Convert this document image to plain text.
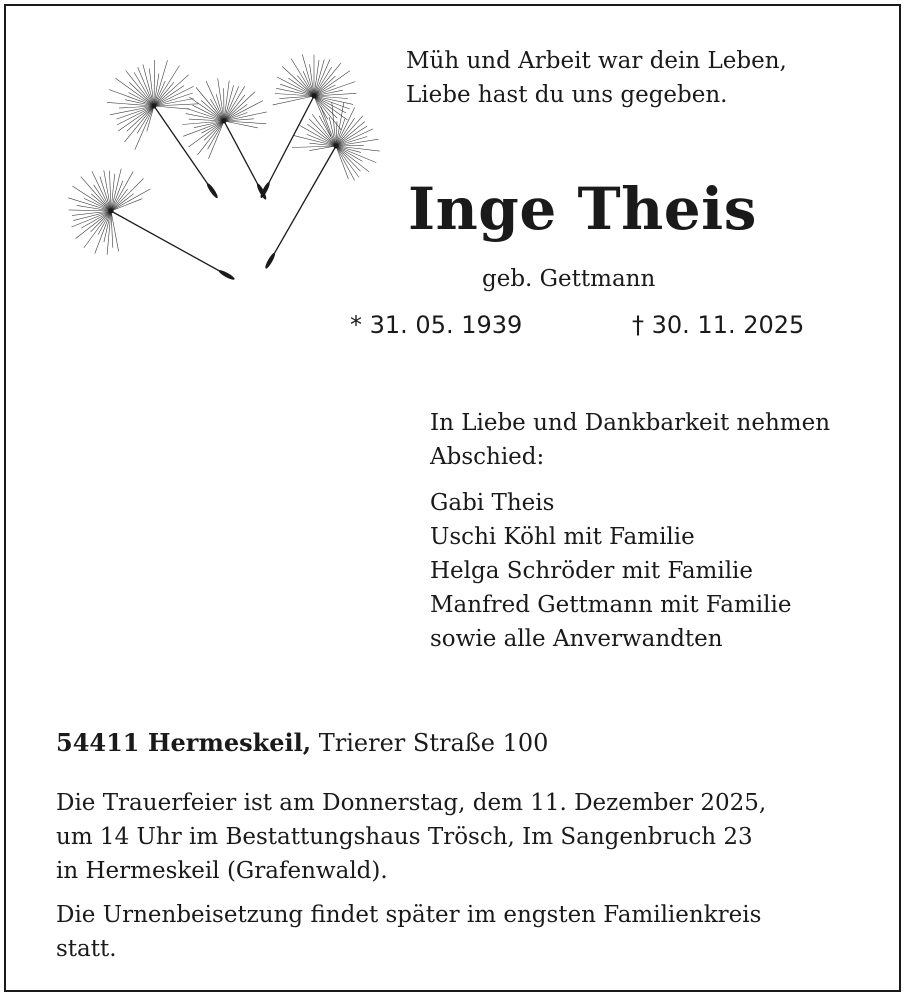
Müh und Arbeit war dein Leben,
Liebe hast du uns gegeben.
Inge Theis
geb. Gettmann
* 31. 05. 1939	† 30. 11. 2025
In Liebe und Dankbarkeit nehmen
Abschied:
Gabi Theis
Uschi Köhl mit Familie
Helga Schröder mit Familie
Manfred Gettmann mit Familie
sowie alle Anverwandten
54411 Hermeskeil, Trierer Straße 100
Die Trauerfeier ist am Donnerstag, dem 11. Dezember 2025,
um 14 Uhr im Bestattungshaus Trösch, Im Sangenbruch 23
in Hermeskeil (Grafenwald).
Die Urnenbeisetzung findet später im engsten Familienkreis
statt.
